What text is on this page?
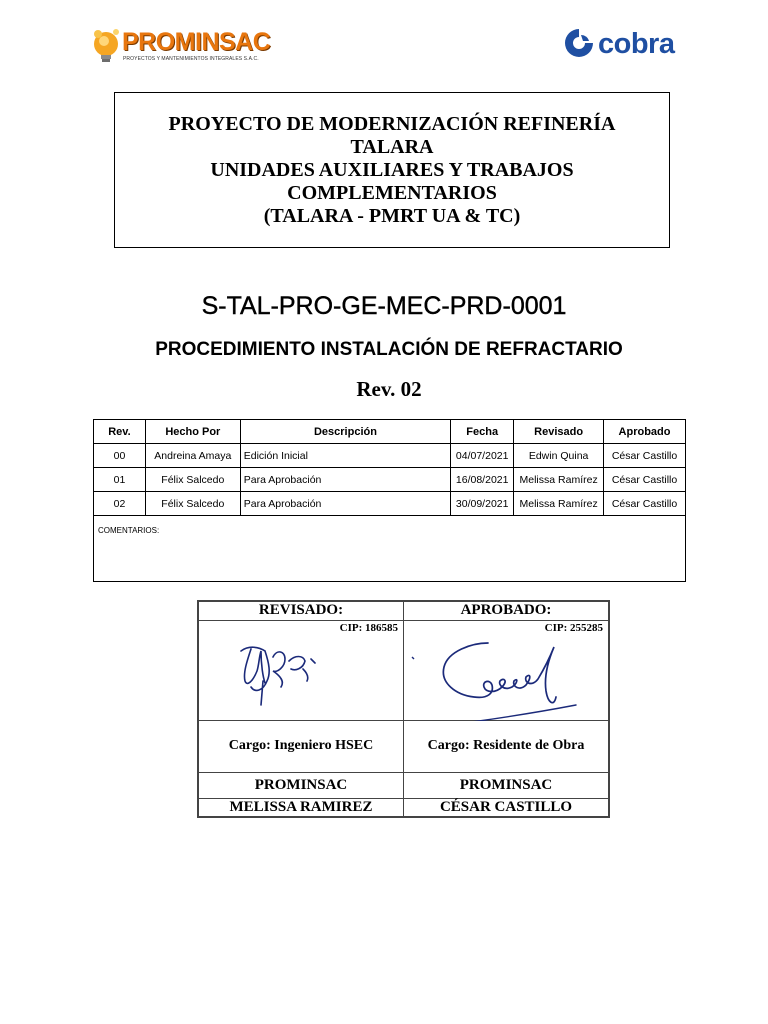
PROMINSAC
PROYECTOS Y MANTENIMIENTOS INTEGRALES S.A.C.	cobra
PROYECTO DE MODERNIZACIÓN REFINERÍA
TALARA
UNIDADES AUXILIARES Y TRABAJOS
COMPLEMENTARIOS
(TALARA - PMRT UA & TC)
S-TAL-PRO-GE-MEC-PRD-0001
PROCEDIMIENTO INSTALACIÓN DE REFRACTARIO
Rev. 02
Rev.	Hecho Por	Descripción	Fecha	Revisado	Aprobado
00	Andreina Amaya	Edición Inicial	04/07/2021	Edwin Quina	César Castillo
01	Félix Salcedo	Para Aprobación	16/08/2021	Melissa Ramírez	César Castillo
02	Félix Salcedo	Para Aprobación	30/09/2021	Melissa Ramírez	César Castillo
COMENTARIOS:					
REVISADO:	APROBADO:

CIP: 186585	CIP: 255285

Cargo: Ingeniero HSEC	Cargo: Residente de Obra
PROMINSAC	PROMINSAC
MELISSA RAMIREZ	CÉSAR CASTILLO
